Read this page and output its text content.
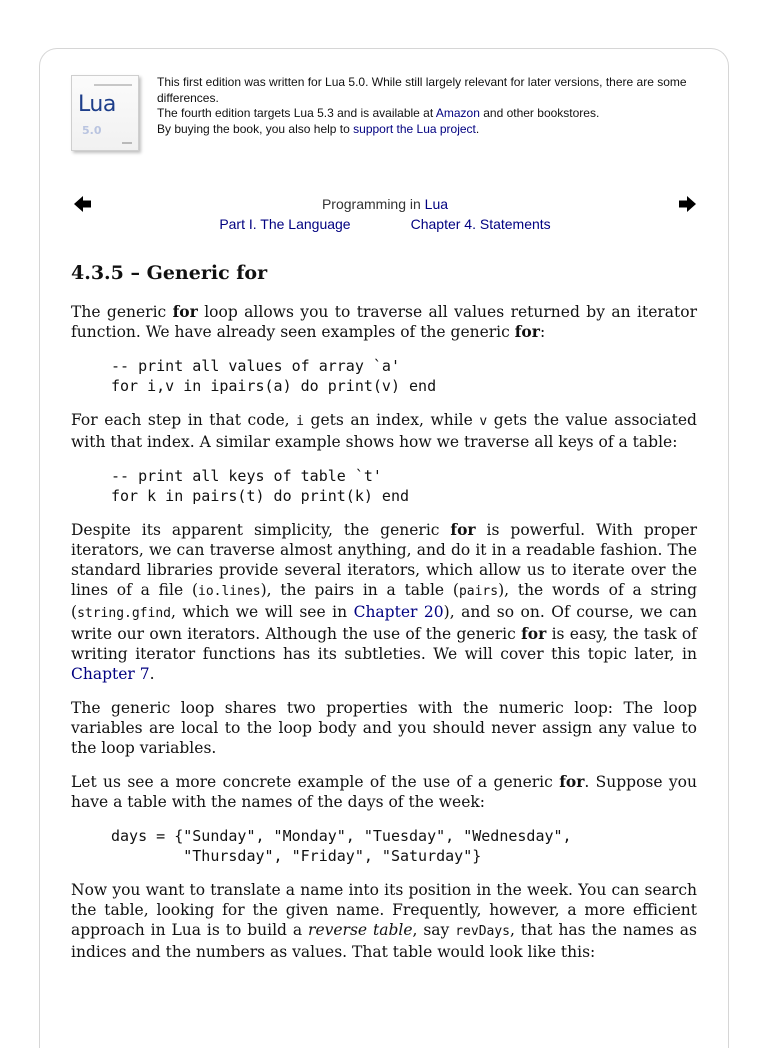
Lua
5.0

This first edition was written for Lua 5.0. While still largely relevant for later versions, there are some differences.

The fourth edition targets Lua 5.3 and is available at Amazon and other bookstores.

By buying the book, you also help to support the Lua project.

Programming in Lua
Part I. The Language	Chapter 4. Statements
4.3.5 – Generic for

The generic for loop allows you to traverse all values returned by an iterator function. We have already seen examples of the generic for:

-- print all values of array `a'
for i,v in ipairs(a) do print(v) end

For each step in that code, i gets an index, while v gets the value associated with that index. A similar example shows how we traverse all keys of a table:

-- print all keys of table `t'
for k in pairs(t) do print(k) end

Despite its apparent simplicity, the generic for is powerful. With proper iterators, we can traverse almost anything, and do it in a readable fashion. The standard libraries provide several iterators, which allow us to iterate over the lines of a file (io.lines), the pairs in a table (pairs), the words of a string (string.gfind, which we will see in Chapter 20), and so on. Of course, we can write our own iterators. Although the use of the generic for is easy, the task of writing iterator functions has its subtleties. We will cover this topic later, in Chapter 7.

The generic loop shares two properties with the numeric loop: The loop variables are local to the loop body and you should never assign any value to the loop variables.

Let us see a more concrete example of the use of a generic for. Suppose you have a table with the names of the days of the week:

days = {"Sunday", "Monday", "Tuesday", "Wednesday",
"Thursday", "Friday", "Saturday"}

Now you want to translate a name into its position in the week. You can search the table, looking for the given name. Frequently, however, a more efficient approach in Lua is to build a reverse table, say revDays, that has the names as indices and the numbers as values. That table would look like this:
